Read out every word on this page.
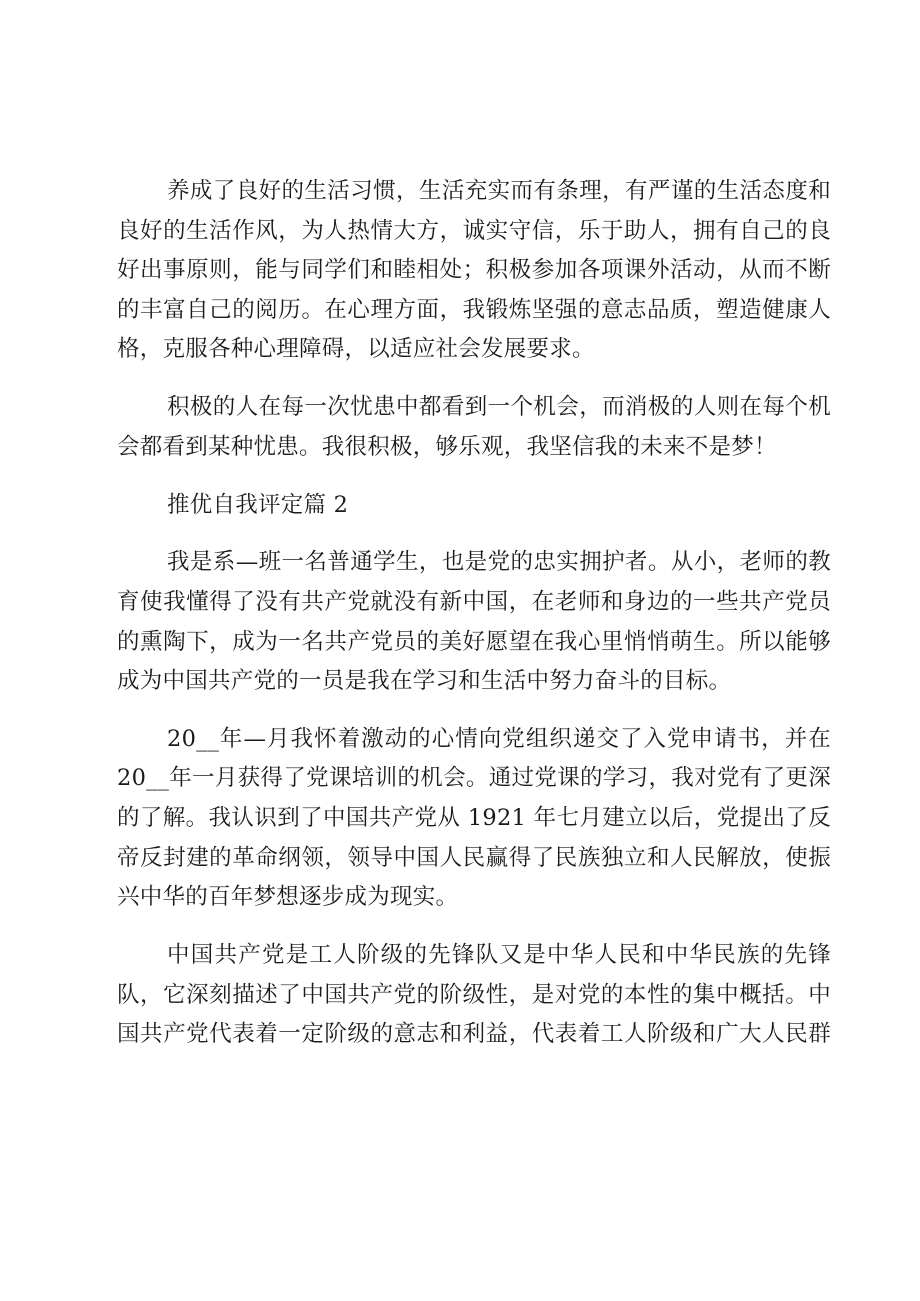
养成了良好的生活习惯，生活充实而有条理，有严谨的生活态度和
良好的生活作风，为人热情大方，诚实守信，乐于助人，拥有自己的良
好出事原则，能与同学们和睦相处；积极参加各项课外活动，从而不断
的丰富自己的阅历。在心理方面，我锻炼坚强的意志品质，塑造健康人
格，克服各种心理障碍，以适应社会发展要求。
积极的人在每一次忧患中都看到一个机会，而消极的人则在每个机
会都看到某种忧患。我很积极，够乐观，我坚信我的未来不是梦！
推优自我评定篇 2
我是系—班一名普通学生，也是党的忠实拥护者。从小，老师的教
育使我懂得了没有共产党就没有新中国，在老师和身边的一些共产党员
的熏陶下，成为一名共产党员的美好愿望在我心里悄悄萌生。所以能够
成为中国共产党的一员是我在学习和生活中努力奋斗的目标。
20__年—月我怀着激动的心情向党组织递交了入党申请书，并在
20__年一月获得了党课培训的机会。通过党课的学习，我对党有了更深
的了解。我认识到了中国共产党从 1921 年七月建立以后，党提出了反
帝反封建的革命纲领，领导中国人民赢得了民族独立和人民解放，使振
兴中华的百年梦想逐步成为现实。
中国共产党是工人阶级的先锋队又是中华人民和中华民族的先锋
队，它深刻描述了中国共产党的阶级性，是对党的本性的集中概括。中
国共产党代表着一定阶级的意志和利益，代表着工人阶级和广大人民群
